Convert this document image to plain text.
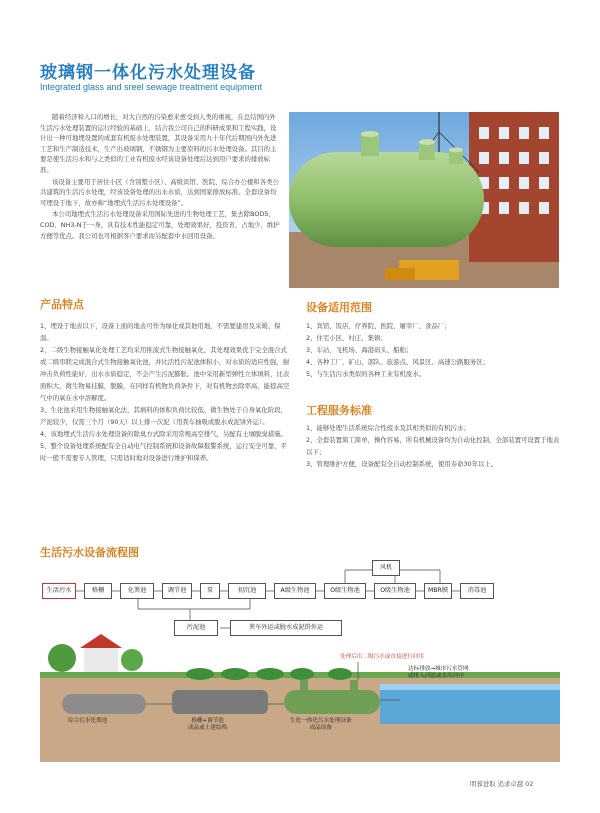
玻璃钢一体化污水处理设备
Integrated glass and sreel sewage treatment equipment

随着经济和人口的增长，对大自然的污染愈来愈受到人类的重视，在总结国内外生活污水处理装置的运行经验的基础上，结合我公司自己的科研成果和工程实践，设计出一种可地埋设置的成套有机废水处理装置，其设备采用九十年代后期国内外先进工艺和生产制造技术，生产出玻璃钢、不锈钢为主要原料的污水处理设备。其目的主要是使生活污水和与之类似的工业有机废水经该设备处理后达到用户要求的排放标准。

该设备主要用于居住小区（含别墅小区）、高级宾馆、医院、综合办公楼和各类公共建筑的生活污水处理，经该设备处理的出水水质，达到国家排放标准。全套设备均可埋设于地下，故亦称“地埋式生活污水处理设备”。

本公司地埋式生活污水处理设备采用国际先进的生物处理工艺，集去除BOD5、COD、NH3-N于一身，具有技术性能稳定可靠，处理效果好，投资省，占地少，维护方便等优点。我公司也可根据客户要求而另配套中水回用设备。

产品特点
1、埋设于地表以下，设备上面的地表可作为绿化或其他用地，不需要建房及采暖、保温。
2、二级生物接触氧化处理工艺均采用推流式生物接触氧化，其处理效果优于完全混合式或二级串联完成混合式生物接触氧化池，并比活性污泥池体积小，对水质的适应性强，耐冲击负荷性能好，出水水质稳定，不会产生污泥膨胀。池中采用新型弹性立体填料，比表面积大，微生物易挂膜，脱膜，在同样有机物负荷条件下，对有机物去除率高，能提高空气中的氧在水中溶解度。
3、生化池采用生物接触氧化法，其填料的体积负荷比较低，微生物处于自身氧化阶段，产泥较少，仅需三个月（90天）以上排一次泥（用粪车抽吸或脱水成泥饼外运）。
4、该地埋式生活污水处理设备的除臭方式除采用常规高空排气，另配有土壤脱臭措施。
5、整个设备处理系统配有全自动电气控制系统和设备故障报警系统，运行安全可靠，平时一般不需要专人管理，只需适时地对设备进行维护和保养。
设备适用范围
1、宾馆、饭店、疗养院、医院、屠宰厂、食品厂；
2、住宅小区、村庄、集镇；
3、车站、飞机场、海港码头、船舶；
4、各种工厂，矿山、部队、旅游点、风景区、高速公路服务区；
5、与生活污水类似的各种工业有机废水。
工程服务标准
1、能够处理生活系统综合性废水及其相类似的有机污水；
2、全套装置简工简单，操作容易，所有机械设备均为自动化控制，全部装置可设置于地表以下；
3、管理维护方便，设备配有全自动控制系统，使用寿命30年以上。
生活污水设备流程图
生活污水	格栅	化粪池	调节池	泵	初沉池	A级生物池	O级生物池	O级生物池	MBR膜	消毒池
风机
污泥池	粪车外运或脱水成泥饼外运
综合污水化粪池	格栅+调节池
成品或土建结构
生化一体化污水处理设备
成品设备
处理后出二级污水或直接进行回用
达标排放→城市污水管网
或排入河道或水库河中
明蓉进取 追求卓越 02
